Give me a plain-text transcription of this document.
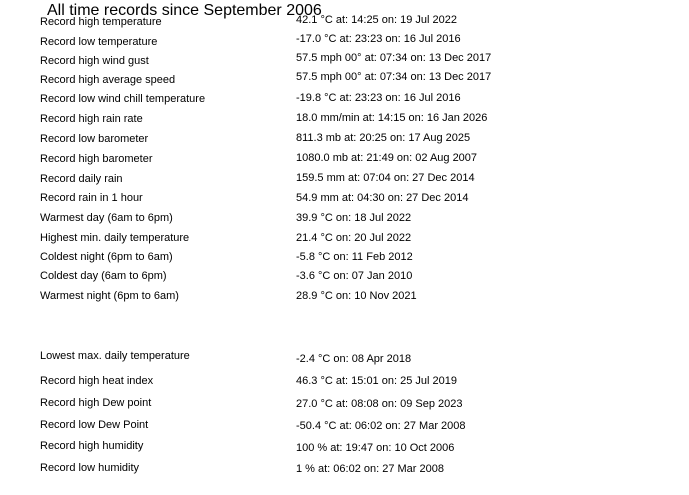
All time records since September 2006
Record high temperature	42.1 °C at: 14:25 on: 19 Jul 2022
Record low temperature	-17.0 °C at: 23:23 on: 16 Jul 2016
Record high wind gust	57.5 mph 00° at: 07:34 on: 13 Dec 2017
Record high average speed	57.5 mph 00° at: 07:34 on: 13 Dec 2017
Record low wind chill temperature	-19.8 °C at: 23:23 on: 16 Jul 2016
Record high rain rate	18.0 mm/min at: 14:15 on: 16 Jan 2026
Record low barometer	811.3 mb at: 20:25 on: 17 Aug 2025
Record high barometer	1080.0 mb at: 21:49 on: 02 Aug 2007
Record daily rain	159.5 mm at: 07:04 on: 27 Dec 2014
Record rain in 1 hour	54.9 mm at: 04:30 on: 27 Dec 2014
Warmest day (6am to 6pm)	39.9 °C on: 18 Jul 2022
Highest min. daily temperature	21.4 °C on: 20 Jul 2022
Coldest night (6pm to 6am)	-5.8 °C on: 11 Feb 2012
Coldest day (6am to 6pm)	-3.6 °C on: 07 Jan 2010
Warmest night (6pm to 6am)	28.9 °C on: 10 Nov 2021
Lowest max. daily temperature	-2.4 °C on: 08 Apr 2018
Record high heat index	46.3 °C at: 15:01 on: 25 Jul 2019
Record high Dew point	27.0 °C at: 08:08 on: 09 Sep 2023
Record low Dew Point	-50.4 °C at: 06:02 on: 27 Mar 2008
Record high humidity	100 % at: 19:47 on: 10 Oct 2006
Record low humidity	1 % at: 06:02 on: 27 Mar 2008
